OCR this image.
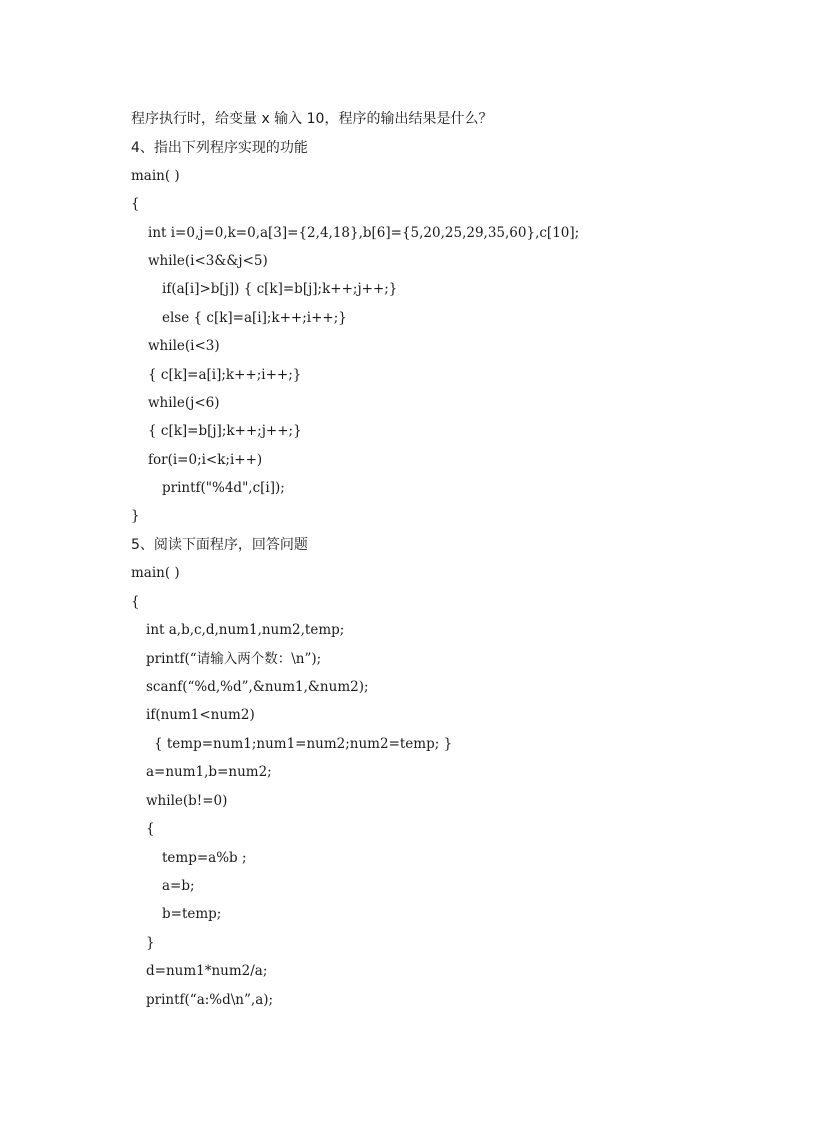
程序执行时，给变量 x 输入 10，程序的输出结果是什么？
4、指出下列程序实现的功能
main( )
{
int i=0,j=0,k=0,a[3]={2,4,18},b[6]={5,20,25,29,35,60},c[10];
while(i<3&&j<5)
if(a[i]>b[j]) { c[k]=b[j];k++;j++;}
else { c[k]=a[i];k++;i++;}
while(i<3)
{ c[k]=a[i];k++;i++;}
while(j<6)
{ c[k]=b[j];k++;j++;}
for(i=0;i<k;i++)
printf("%4d",c[i]);
}
5、阅读下面程序，回答问题
main( )
{
int a,b,c,d,num1,num2,temp;
printf(“请输入两个数：\n”);
scanf(“%d,%d”,&num1,&num2);
if(num1<num2)
{ temp=num1;num1=num2;num2=temp; }
a=num1,b=num2;
while(b!=0)
{
temp=a%b ;
a=b;
b=temp;
}
d=num1*num2/a;
printf(“a:%d\n”,a);
